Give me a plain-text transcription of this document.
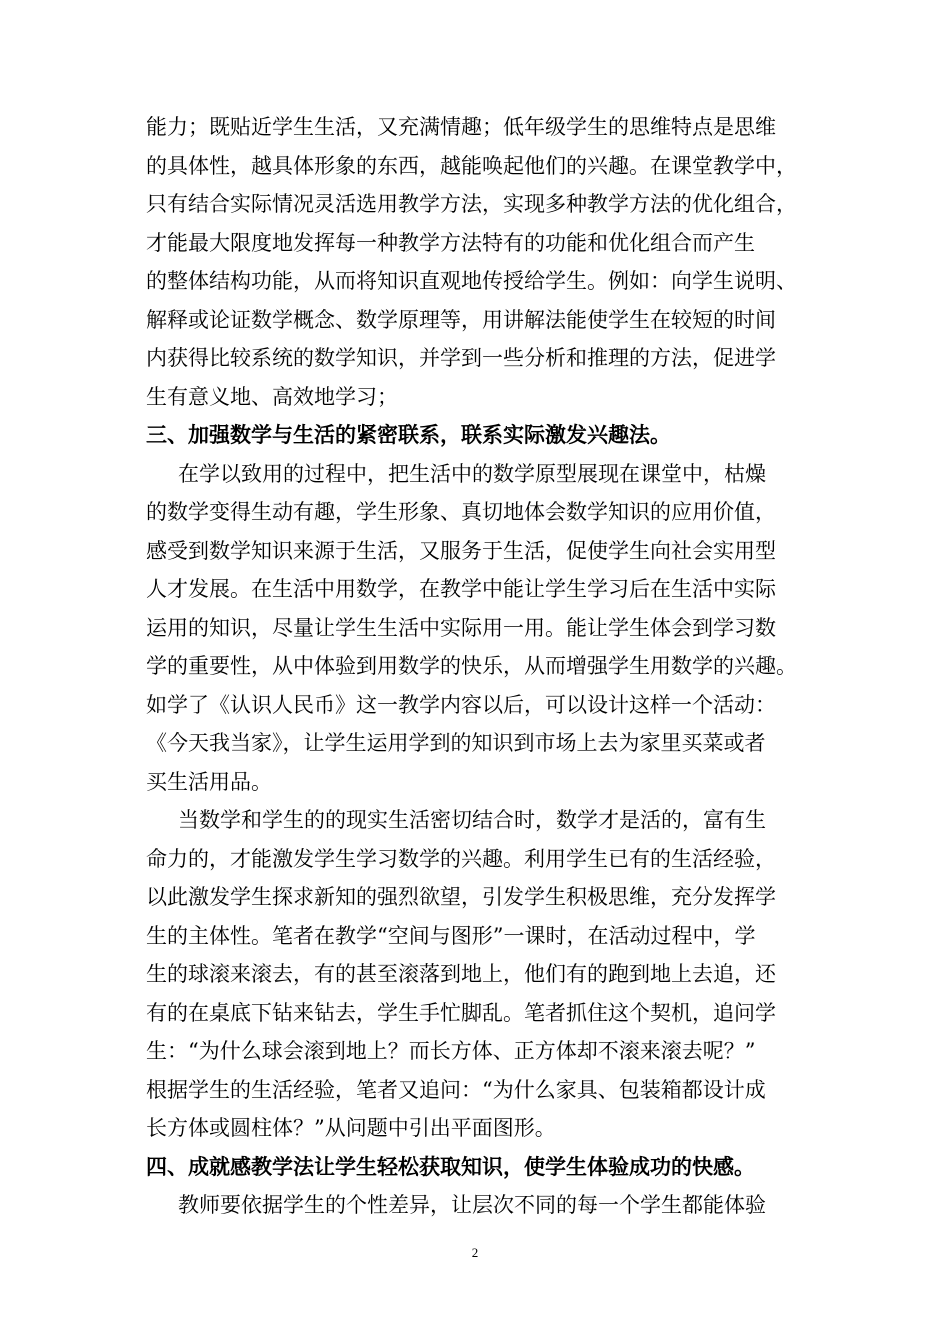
能力；既贴近学生生活，又充满情趣；低年级学生的思维特点是思维
的具体性，越具体形象的东西，越能唤起他们的兴趣。在课堂教学中，
只有结合实际情况灵活选用教学方法，实现多种教学方法的优化组合，
才能最大限度地发挥每一种教学方法特有的功能和优化组合而产生
的整体结构功能，从而将知识直观地传授给学生。例如：向学生说明、
解释或论证数学概念、数学原理等，用讲解法能使学生在较短的时间
内获得比较系统的数学知识，并学到一些分析和推理的方法，促进学
生有意义地、高效地学习；
三、加强数学与生活的紧密联系，联系实际激发兴趣法。
在学以致用的过程中，把生活中的数学原型展现在课堂中，枯燥
的数学变得生动有趣，学生形象、真切地体会数学知识的应用价值，
感受到数学知识来源于生活，又服务于生活，促使学生向社会实用型
人才发展。在生活中用数学，在教学中能让学生学习后在生活中实际
运用的知识，尽量让学生生活中实际用一用。能让学生体会到学习数
学的重要性，从中体验到用数学的快乐，从而增强学生用数学的兴趣。
如学了《认识人民币》这一教学内容以后，可以设计这样一个活动：
《今天我当家》，让学生运用学到的知识到市场上去为家里买菜或者
买生活用品。
当数学和学生的的现实生活密切结合时，数学才是活的，富有生
命力的，才能激发学生学习数学的兴趣。利用学生已有的生活经验，
以此激发学生探求新知的强烈欲望，引发学生积极思维，充分发挥学
生的主体性。笔者在教学“空间与图形”一课时，在活动过程中，学
生的球滚来滚去，有的甚至滚落到地上，他们有的跑到地上去追，还
有的在桌底下钻来钻去，学生手忙脚乱。笔者抓住这个契机，追问学
生：“为什么球会滚到地上？而长方体、正方体却不滚来滚去呢？”
根据学生的生活经验，笔者又追问：“为什么家具、包装箱都设计成
长方体或圆柱体？”从问题中引出平面图形。
四、成就感教学法让学生轻松获取知识，使学生体验成功的快感。
教师要依据学生的个性差异，让层次不同的每一个学生都能体验
2
